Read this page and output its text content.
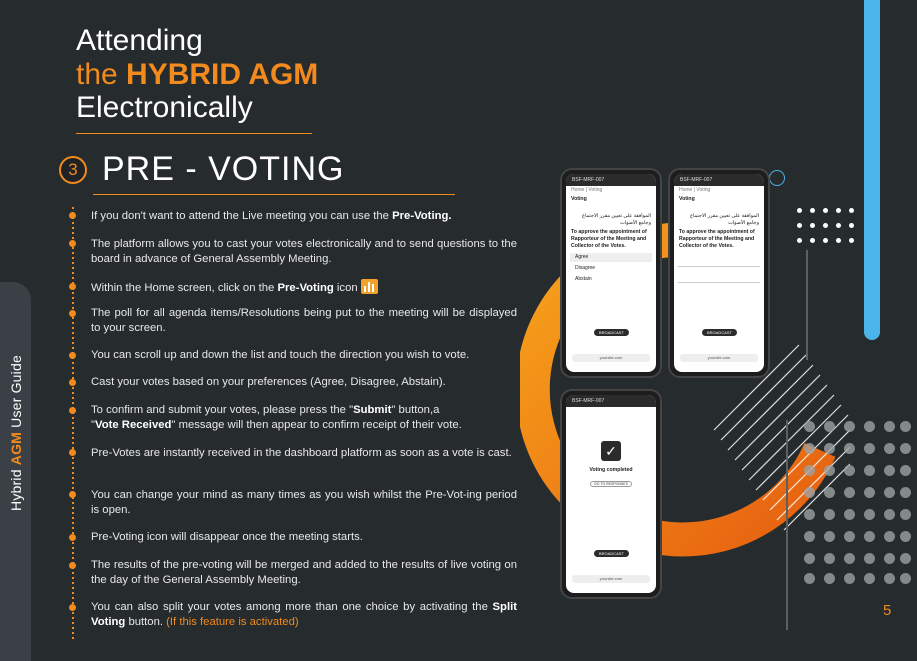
Hybrid AGM User Guide
Attending
the HYBRID AGM
Electronically
3 PRE - VOTING
If you don't want to attend the Live meeting you can use the Pre-Voting.
The platform allows you to cast your votes electronically and to send questions to the board in advance of General Assembly Meeting.
Within the Home screen, click on the Pre-Voting icon
The poll for all agenda items/Resolutions being put to the meeting will be displayed to your screen.
You can scroll up and down the list and touch the direction you wish to vote.
Cast your votes based on your preferences (Agree, Disagree, Abstain).
To confirm and submit your votes, please press the "Submit" button,a
"Vote Received" message will then appear to confirm receipt of their vote.
Pre-Votes are instantly received in the dashboard platform as soon as a vote is cast.
You can change your mind as many times as you wish whilst the Pre-Vot-ing period is open.
Pre-Voting icon will disappear once the meeting starts.
The results of the pre-voting will be merged and added to the results of live voting on the day of the General Assembly Meeting.
You can also split your votes among more than one choice by activating the Split Voting button. (If this feature is activated)
BSF-MRF-007
Home | Voting
Voting
الموافقة على تعيين مقرر الاجتماع وجامع الأصوات
To approve the appointment of Rapporteur of the Meeting and Collector of the Votes.
Agree
Disagree
Abstain
BROADCAST
yoursite.com
BSF-MRF-007
Home | Voting
Voting
الموافقة على تعيين مقرر الاجتماع وجامع الأصوات
To approve the appointment of Rapporteur of the Meeting and Collector of the Votes.

BROADCAST
yoursite.com
BSF-MRF-007
✓
Voting completed
GO TO RESPONSES
BROADCAST
yoursite.com
5
